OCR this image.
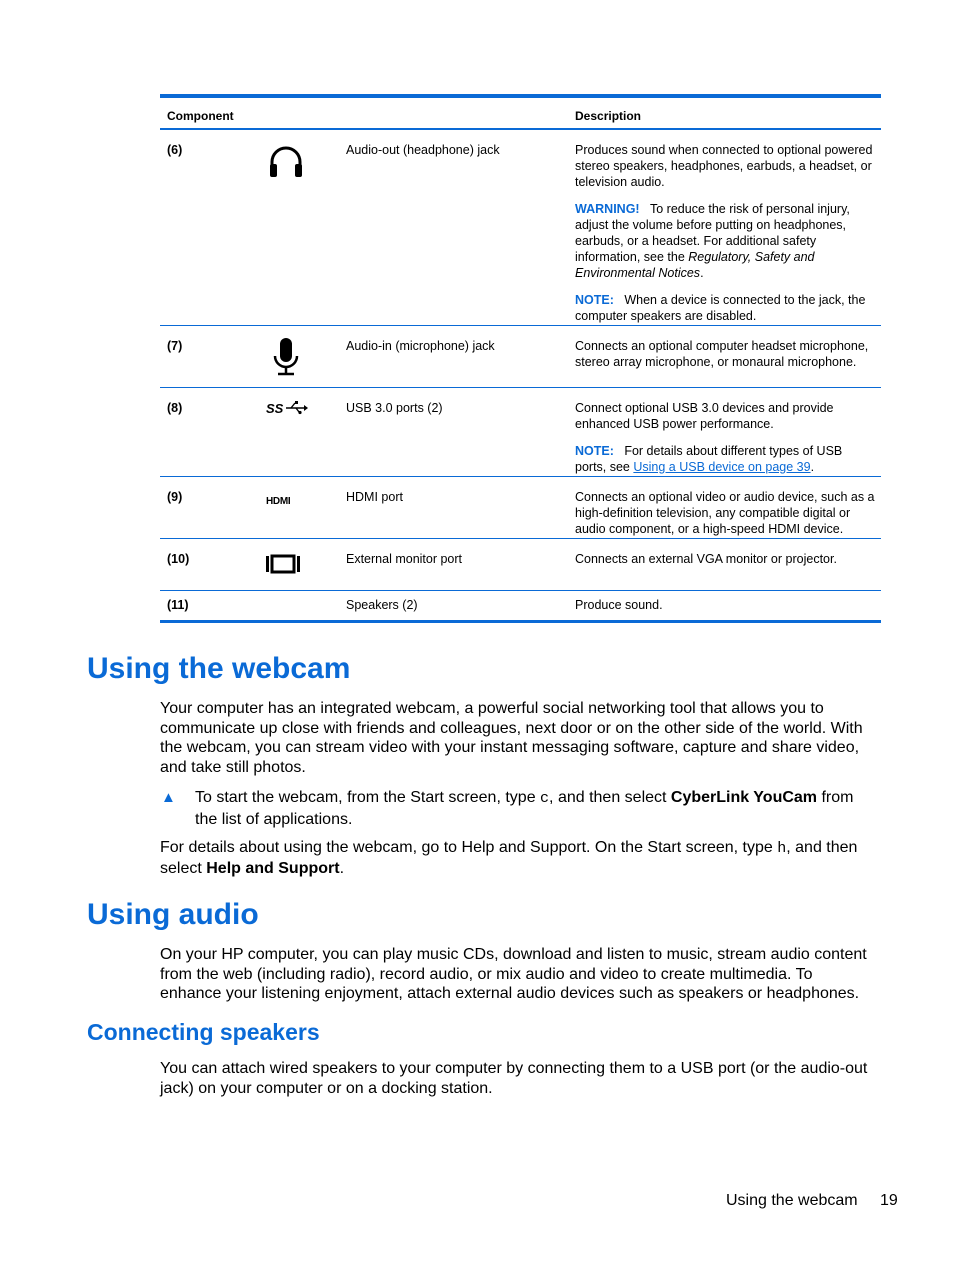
Component	Description
(6)	Audio-out (headphone) jack	Produces sound when connected to optional powered stereo speakers, headphones, earbuds, a headset, or television audio.

WARNING! To reduce the risk of personal injury, adjust the volume before putting on headphones, earbuds, or a headset. For additional safety information, see the Regulatory, Safety and Environmental Notices.

NOTE: When a device is connected to the jack, the computer speakers are disabled.

(7)	Audio-in (microphone) jack	Connects an optional computer headset microphone, stereo array microphone, or monaural microphone.

(8)	SS	USB 3.0 ports (2)	Connect optional USB 3.0 devices and provide enhanced USB power performance.

NOTE: For details about different types of USB ports, see Using a USB device on page 39.

(9)	HDMI	HDMI port	Connects an optional video or audio device, such as a high-definition television, any compatible digital or audio component, or a high-speed HDMI device.

(10)	External monitor port	Connects an external VGA monitor or projector.

(11)	Speakers (2)	Produce sound.

Using the webcam

Your computer has an integrated webcam, a powerful social networking tool that allows you to communicate up close with friends and colleagues, next door or on the other side of the world. With the webcam, you can stream video with your instant messaging software, capture and share video, and take still photos.

▲ To start the webcam, from the Start screen, type c, and then select CyberLink YouCam from the list of applications.

For details about using the webcam, go to Help and Support. On the Start screen, type h, and then select Help and Support.

Using audio

On your HP computer, you can play music CDs, download and listen to music, stream audio content from the web (including radio), record audio, or mix audio and video to create multimedia. To enhance your listening enjoyment, attach external audio devices such as speakers or headphones.

Connecting speakers

You can attach wired speakers to your computer by connecting them to a USB port (or the audio-out jack) on your computer or on a docking station.

Using the webcam 19
